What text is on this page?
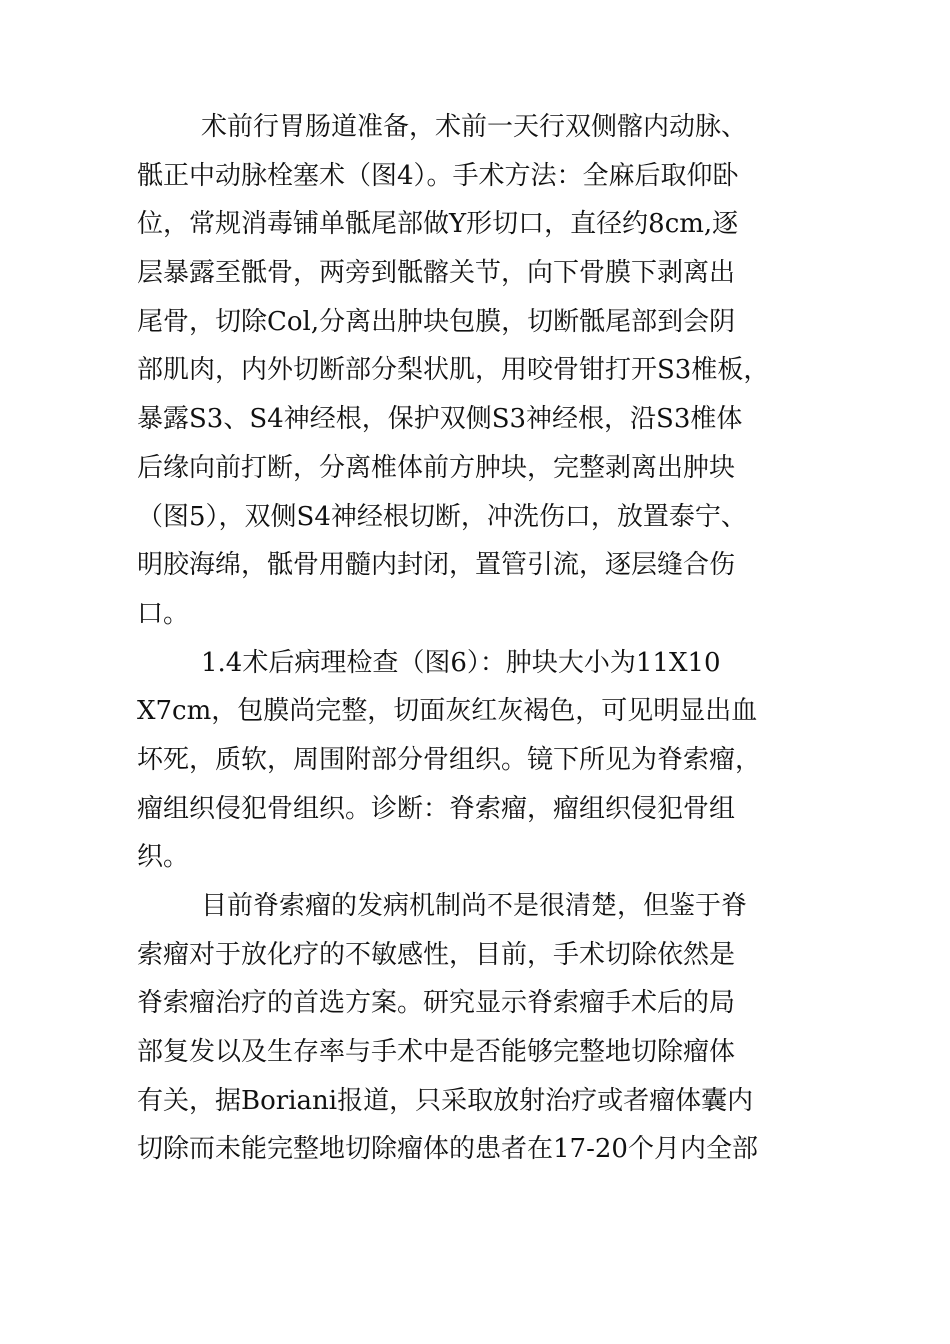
术前行胃肠道准备，术前一天行双侧髂内动脉、
骶正中动脉栓塞术（图4）。手术方法：全麻后取仰卧
位，常规消毒铺单骶尾部做Y形切口，直径约8cm,逐
层暴露至骶骨，两旁到骶髂关节，向下骨膜下剥离出
尾骨，切除Col,分离出肿块包膜，切断骶尾部到会阴
部肌肉，内外切断部分梨状肌，用咬骨钳打开S3椎板，
暴露S3、S4神经根，保护双侧S3神经根，沿S3椎体
后缘向前打断，分离椎体前方肿块，完整剥离出肿块
（图5），双侧S4神经根切断，冲洗伤口，放置泰宁、
明胶海绵，骶骨用髓内封闭，置管引流，逐层缝合伤
口。

1.4术后病理检查（图6）：肿块大小为11X10
X7cm，包膜尚完整，切面灰红灰褐色，可见明显出血
坏死，质软，周围附部分骨组织。镜下所见为脊索瘤，
瘤组织侵犯骨组织。诊断：脊索瘤，瘤组织侵犯骨组
织。

目前脊索瘤的发病机制尚不是很清楚，但鉴于脊
索瘤对于放化疗的不敏感性，目前，手术切除依然是
脊索瘤治疗的首选方案。研究显示脊索瘤手术后的局
部复发以及生存率与手术中是否能够完整地切除瘤体
有关，据Boriani报道，只采取放射治疗或者瘤体囊内
切除而未能完整地切除瘤体的患者在17-20个月内全部
